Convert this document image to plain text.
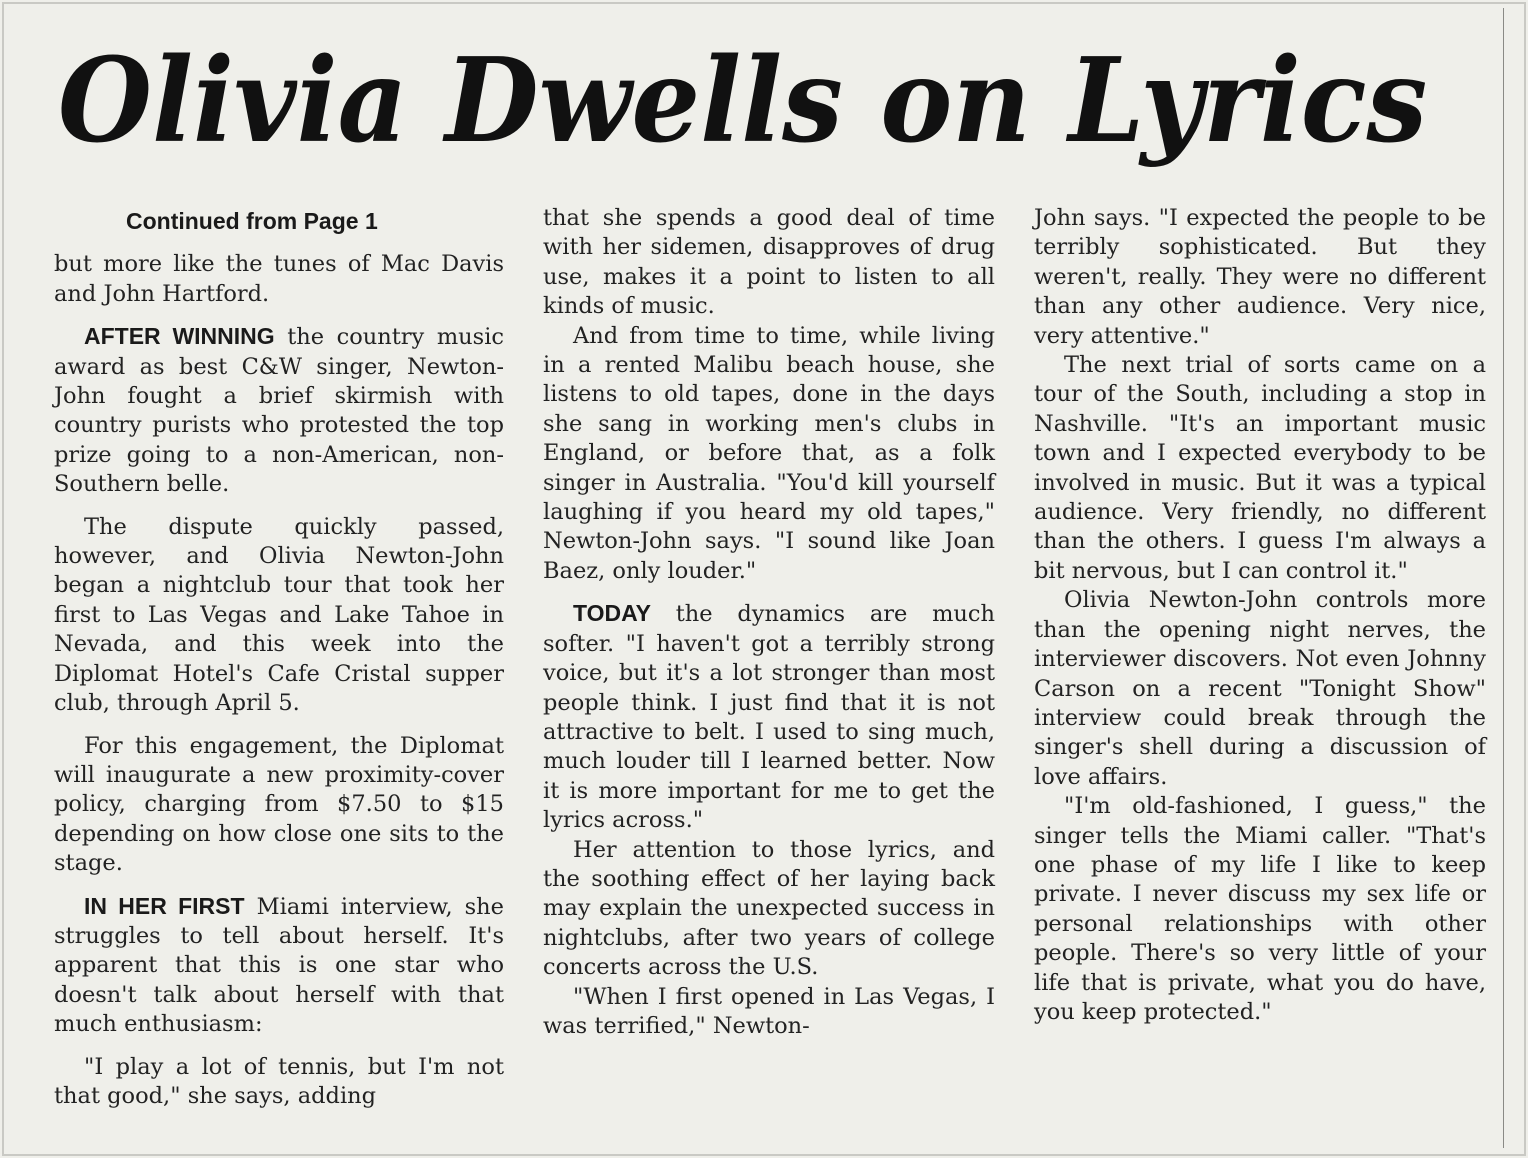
Olivia Dwells on Lyrics
Continued from Page 1

but more like the tunes of Mac Davis and John Hartford.

AFTER WINNING the country music award as best C&W singer, Newton-John fought a brief skirmish with country purists who protested the top prize going to a non-American, non-Southern belle.

The dispute quickly passed, however, and Olivia Newton-John began a nightclub tour that took her first to Las Vegas and Lake Tahoe in Nevada, and this week into the Diplomat Hotel's Cafe Cristal supper club, through April 5.

For this engagement, the Diplomat will inaugurate a new proximity-cover policy, charging from $7.50 to $15 depending on how close one sits to the stage.

IN HER FIRST Miami interview, she struggles to tell about herself. It's apparent that this is one star who doesn't talk about herself with that much enthusiasm:

"I play a lot of tennis, but I'm not that good," she says, adding

that she spends a good deal of time with her sidemen, disapproves of drug use, makes it a point to listen to all kinds of music.

And from time to time, while living in a rented Malibu beach house, she listens to old tapes, done in the days she sang in working men's clubs in England, or before that, as a folk singer in Australia. "You'd kill yourself laughing if you heard my old tapes," Newton-John says. "I sound like Joan Baez, only louder."

TODAY the dynamics are much softer. "I haven't got a terribly strong voice, but it's a lot stronger than most people think. I just find that it is not attractive to belt. I used to sing much, much louder till I learned better. Now it is more important for me to get the lyrics across."

Her attention to those lyrics, and the soothing effect of her laying back may explain the unexpected success in nightclubs, after two years of college concerts across the U.S.

"When I first opened in Las Vegas, I was terrified," Newton-

John says. "I expected the people to be terribly sophisticated. But they weren't, really. They were no different than any other audience. Very nice, very attentive."

The next trial of sorts came on a tour of the South, including a stop in Nashville. "It's an important music town and I expected everybody to be involved in music. But it was a typical audience. Very friendly, no different than the others. I guess I'm always a bit nervous, but I can control it."

Olivia Newton-John controls more than the opening night nerves, the interviewer discovers. Not even Johnny Carson on a recent "Tonight Show" interview could break through the singer's shell during a discussion of love affairs.

"I'm old-fashioned, I guess," the singer tells the Miami caller. "That's one phase of my life I like to keep private. I never discuss my sex life or personal relationships with other people. There's so very little of your life that is private, what you do have, you keep protected."
